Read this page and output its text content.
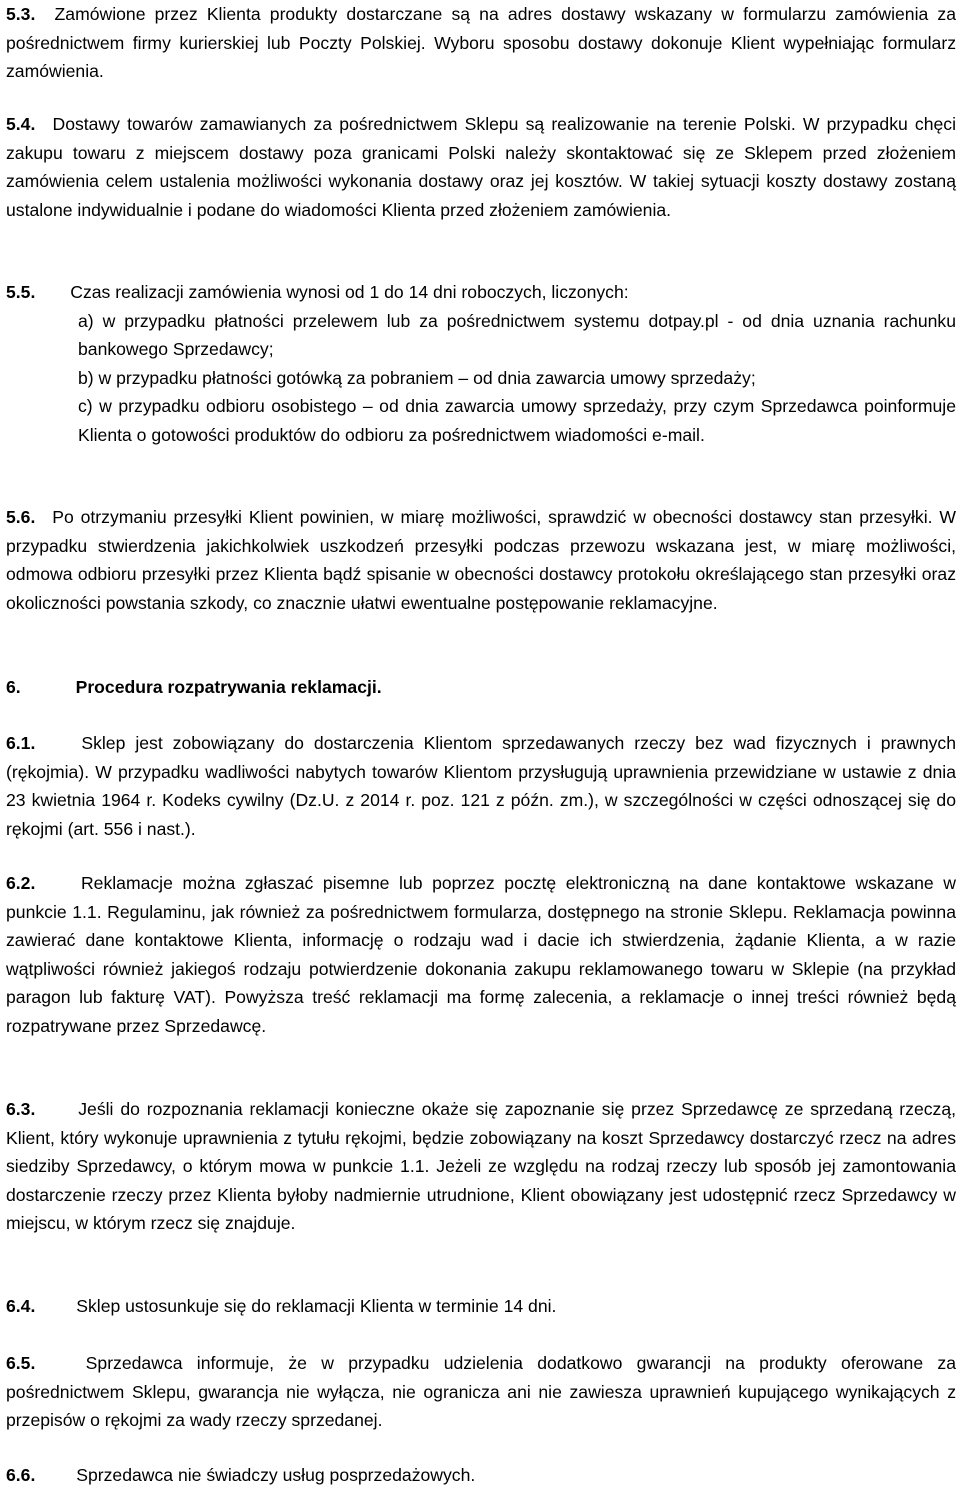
5.3. Zamówione przez Klienta produkty dostarczane są na adres dostawy wskazany w formularzu zamówienia za pośrednictwem firmy kurierskiej lub Poczty Polskiej. Wyboru sposobu dostawy dokonuje Klient wypełniając formularz zamówienia.

5.4. Dostawy towarów zamawianych za pośrednictwem Sklepu są realizowanie na terenie Polski. W przypadku chęci zakupu towaru z miejscem dostawy poza granicami Polski należy skontaktować się ze Sklepem przed złożeniem zamówienia celem ustalenia możliwości wykonania dostawy oraz jej kosztów. W takiej sytuacji koszty dostawy zostaną ustalone indywidualnie i podane do wiadomości Klienta przed złożeniem zamówienia.

5.5. Czas realizacji zamówienia wynosi od 1 do 14 dni roboczych, liczonych:

a) w przypadku płatności przelewem lub za pośrednictwem systemu dotpay.pl - od dnia uznania rachunku bankowego Sprzedawcy;

b) w przypadku płatności gotówką za pobraniem – od dnia zawarcia umowy sprzedaży;

c) w przypadku odbioru osobistego – od dnia zawarcia umowy sprzedaży, przy czym Sprzedawca poinformuje Klienta o gotowości produktów do odbioru za pośrednictwem wiadomości e-mail.

5.6. Po otrzymaniu przesyłki Klient powinien, w miarę możliwości, sprawdzić w obecności dostawcy stan przesyłki. W przypadku stwierdzenia jakichkolwiek uszkodzeń przesyłki podczas przewozu wskazana jest, w miarę możliwości, odmowa odbioru przesyłki przez Klienta bądź spisanie w obecności dostawcy protokołu określającego stan przesyłki oraz okoliczności powstania szkody, co znacznie ułatwi ewentualne postępowanie reklamacyjne.

6.	Procedura rozpatrywania reklamacji.

6.1.	Sklep jest zobowiązany do dostarczenia Klientom sprzedawanych rzeczy bez wad fizycznych i prawnych (rękojmia). W przypadku wadliwości nabytych towarów Klientom przysługują uprawnienia przewidziane w ustawie z dnia 23 kwietnia 1964 r. Kodeks cywilny (Dz.U. z 2014 r. poz. 121 z późn. zm.), w szczególności w części odnoszącej się do rękojmi (art. 556 i nast.).

6.2.	Reklamacje można zgłaszać pisemne lub poprzez pocztę elektroniczną na dane kontaktowe wskazane w punkcie 1.1. Regulaminu, jak również za pośrednictwem formularza, dostępnego na stronie Sklepu. Reklamacja powinna zawierać dane kontaktowe Klienta, informację o rodzaju wad i dacie ich stwierdzenia, żądanie Klienta, a w razie wątpliwości również jakiegoś rodzaju potwierdzenie dokonania zakupu reklamowanego towaru w Sklepie (na przykład paragon lub fakturę VAT). Powyższa treść reklamacji ma formę zalecenia, a reklamacje o innej treści również będą rozpatrywane przez Sprzedawcę.

6.3. Jeśli do rozpoznania reklamacji konieczne okaże się zapoznanie się przez Sprzedawcę ze sprzedaną rzeczą, Klient, który wykonuje uprawnienia z tytułu rękojmi, będzie zobowiązany na koszt Sprzedawcy dostarczyć rzecz na adres siedziby Sprzedawcy, o którym mowa w punkcie 1.1. Jeżeli ze względu na rodzaj rzeczy lub sposób jej zamontowania dostarczenie rzeczy przez Klienta byłoby nadmiernie utrudnione, Klient obowiązany jest udostępnić rzecz Sprzedawcy w miejscu, w którym rzecz się znajduje.

6.4. Sklep ustosunkuje się do reklamacji Klienta w terminie 14 dni.

6.5.	Sprzedawca informuje, że w przypadku udzielenia dodatkowo gwarancji na produkty oferowane za pośrednictwem Sklepu, gwarancja nie wyłącza, nie ogranicza ani nie zawiesza uprawnień kupującego wynikających z przepisów o rękojmi za wady rzeczy sprzedanej.

6.6. Sprzedawca nie świadczy usług posprzedażowych.
